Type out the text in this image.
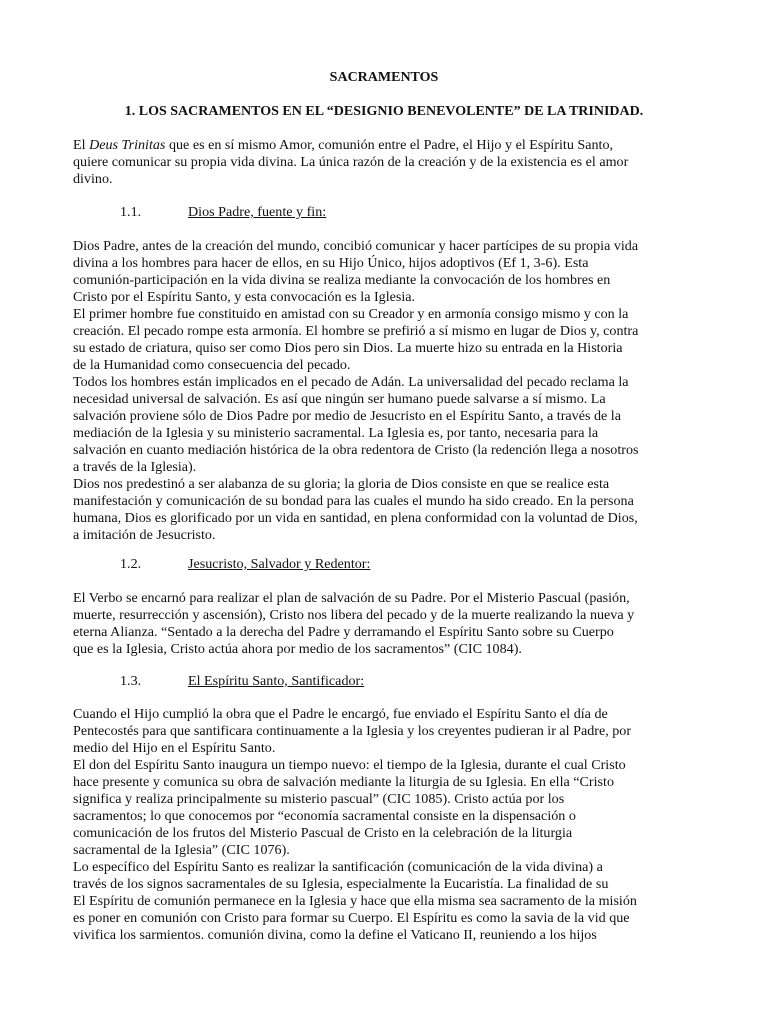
SACRAMENTOS
1. LOS SACRAMENTOS EN EL “DESIGNIO BENEVOLENTE” DE LA TRINIDAD.
El Deus Trinitas que es en sí mismo Amor, comunión entre el Padre, el Hijo y el Espíritu Santo,
quiere comunicar su propia vida divina. La única razón de la creación y de la existencia es el amor
divino.
1.1.	Dios Padre, fuente y fin:
Dios Padre, antes de la creación del mundo, concibió comunicar y hacer partícipes de su propia vida
divina a los hombres para hacer de ellos, en su Hijo Único, hijos adoptivos (Ef 1, 3-6). Esta
comunión-participación en la vida divina se realiza mediante la convocación de los hombres en
Cristo por el Espíritu Santo, y esta convocación es la Iglesia.
El primer hombre fue constituido en amistad con su Creador y en armonía consigo mismo y con la
creación. El pecado rompe esta armonía. El hombre se prefirió a sí mismo en lugar de Dios y, contra
su estado de criatura, quiso ser como Dios pero sin Dios. La muerte hizo su entrada en la Historia
de la Humanidad como consecuencia del pecado.
Todos los hombres están implicados en el pecado de Adán. La universalidad del pecado reclama la
necesidad universal de salvación. Es así que ningún ser humano puede salvarse a sí mismo. La
salvación proviene sólo de Dios Padre por medio de Jesucristo en el Espíritu Santo, a través de la
mediación de la Iglesia y su ministerio sacramental. La Iglesia es, por tanto, necesaria para la
salvación en cuanto mediación histórica de la obra redentora de Cristo (la redención llega a nosotros
a través de la Iglesia).
Dios nos predestinó a ser alabanza de su gloria; la gloria de Dios consiste en que se realice esta
manifestación y comunicación de su bondad para las cuales el mundo ha sido creado. En la persona
humana, Dios es glorificado por un vida en santidad, en plena conformidad con la voluntad de Dios,
a imitación de Jesucristo.
1.2.	Jesucristo, Salvador y Redentor:
El Verbo se encarnó para realizar el plan de salvación de su Padre. Por el Misterio Pascual (pasión,
muerte, resurrección y ascensión), Cristo nos libera del pecado y de la muerte realizando la nueva y
eterna Alianza. “Sentado a la derecha del Padre y derramando el Espíritu Santo sobre su Cuerpo
que es la Iglesia, Cristo actúa ahora por medio de los sacramentos” (CIC 1084).
1.3.	El Espíritu Santo, Santificador:
Cuando el Hijo cumplió la obra que el Padre le encargó, fue enviado el Espíritu Santo el día de
Pentecostés para que santificara continuamente a la Iglesia y los creyentes pudieran ir al Padre, por
medio del Hijo en el Espíritu Santo.
El don del Espíritu Santo inaugura un tiempo nuevo: el tiempo de la Iglesia, durante el cual Cristo
hace presente y comunica su obra de salvación mediante la liturgia de su Iglesia. En ella “Cristo
significa y realiza principalmente su misterio pascual” (CIC 1085). Cristo actúa por los
sacramentos; lo que conocemos por “economía sacramental consiste en la dispensación o
comunicación de los frutos del Misterio Pascual de Cristo en la celebración de la liturgia
sacramental de la Iglesia” (CIC 1076).
Lo específico del Espíritu Santo es realizar la santificación (comunicación de la vida divina) a
través de los signos sacramentales de su Iglesia, especialmente la Eucaristía. La finalidad de su
El Espíritu de comunión permanece en la Iglesia y hace que ella misma sea sacramento de la misión
es poner en comunión con Cristo para formar su Cuerpo. El Espíritu es como la savia de la vid que
vivifica los sarmientos. comunión divina, como la define el Vaticano II, reuniendo a los hijos
